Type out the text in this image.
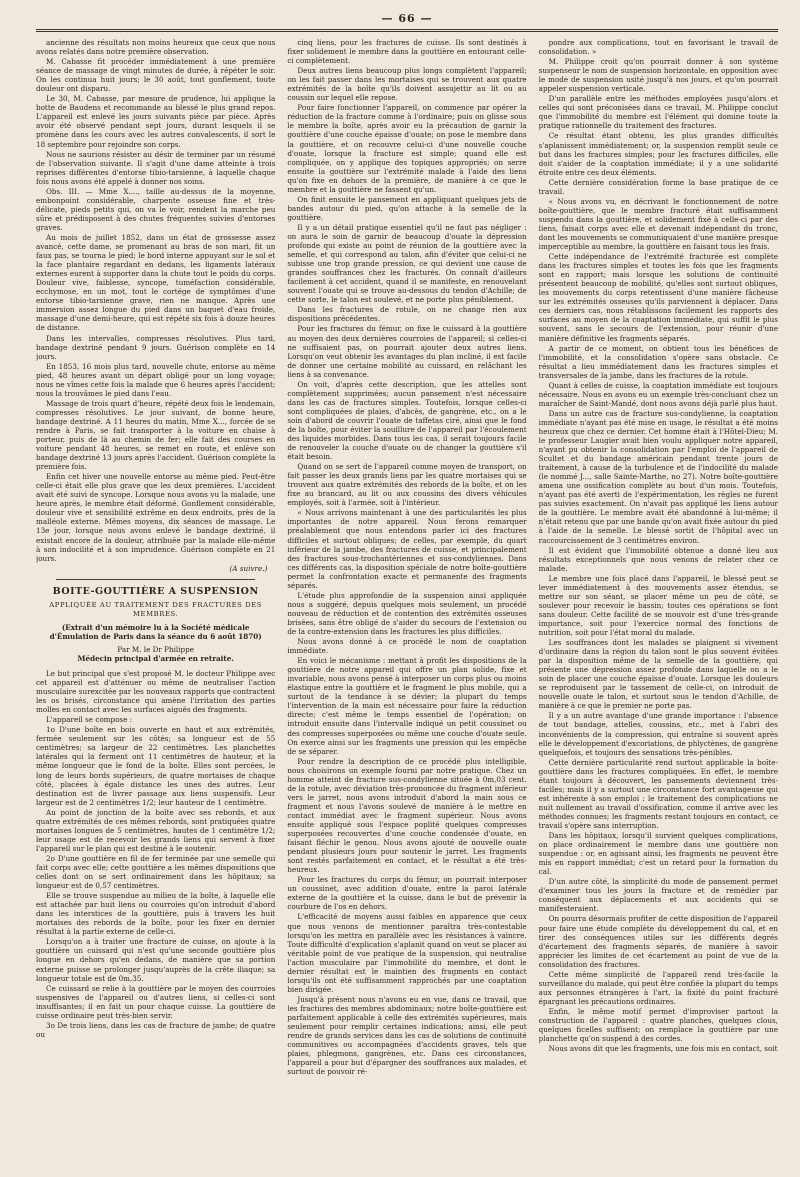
— 66 —

ancienne des résultats non moins heureux que ceux que nous avons relatés dans notre première observation.

M. Cabasse fit procéder immédiatement à une première séance de massage de vingt minutes de durée, à répéter le soir. On les continua huit jours; le 30 août, tout gonflement, toute douleur ont disparu.

Le 30, M. Cabasse, par mesure de prudence, lui applique la botte de Baudens et recommande au blessé le plus grand repos. L'appareil est enlevé les jours suivants pièce par pièce. Après avoir été observé pendant sept jours, durant lesquels il se promène dans les cours avec les autres convalescents, il sort le 18 septembre pour rejoindre son corps.

Nous ne saurions résister au désir de terminer par un résumé de l'observation suivante. Il s'agit d'une dame atteinte à trois reprises différentes d'entorse tibio-tarsienne, à laquelle chaque fois nous avons été appelé à donner nos soins.

Obs. III. — Mme X...., taille au-dessus de la moyenne, embonpoint considérable, charpente osseuse fine et très-délicate, pieds petits qui, on va le voir, rendent la marche peu sûre et prédisposent à des chutes fréquentes suivies d'entorses graves.

Au mois de juillet 1852, dans un état de grossesse assez avancé, cette dame, se promenant au bras de son mari, fit un faux pas, se tourna le pied; le bord interne appuyant sur le sol et la face plantaire regardant en dedans, les ligaments latéraux externes eurent à supporter dans la chute tout le poids du corps. Douleur vive, faiblesse, syncope, tuméfaction considérable, ecchymose, en un mot, tout le cortége de symptômes d'une entorse tibio-tarsienne grave, rien ne manque. Après une immersion assez longue du pied dans un baquet d'eau froide, massage d'une demi-heure, qui est répété six fois à douze heures de distance.

Dans les intervalles, compresses résolutives. Plus tard, bandage dextriné pendant 9 jours. Guérison complète en 14 jours.

En 1853, 16 mois plus tard, nouvelle chute, entorse au même pied, 48 heures avant un départ obligé pour un long voyage; nous ne vîmes cette fois la malade que 6 heures après l'accident; nous la trouvâmes le pied dans l'eau.

Massage de trois quart d'heure, répété deux fois le lendemain, compresses résolutives. Le jour suivant, de bonne heure, bandage dextriné. A 11 heures du matin, Mme X..., forcée de se rendre à Paris, se fait transporter à la voiture en chaise à porteur, puis de là au chemin de fer; elle fait des courses en voiture pendant 48 heures, se remet en route, et enlève son bandage dextriné 13 jours après l'accident. Guérison complète la première fois.

Enfin cet hiver une nouvelle entorse au même pied. Peut-être celle-ci était elle plus grave que les deux premières. L'accident avait été suivi de syncope. Lorsque nous avons vu la malade, une heure après, le membre était déformé. Gonflement considérable, douleur vive et sensibilité extrême en deux endroits, près de la malléole externe. Mêmes moyens, dix séances de massage. Le 13e jour, lorsque nous avons enlevé le bandage dextriné, il existait encore de la douleur, attribuée par la malade elle-même à son indocilité et à son imprudence. Guérison complète en 21 jours.

(A suivre.)

BOITE-GOUTTIÈRE A SUSPENSION

APPLIQUÉE AU TRAITEMENT DES FRACTURES DES MEMBRES.

(Extrait d'un mémoire lu à la Société médicale d'Émulation de Paris dans la séance du 6 août 1870)

Par M. le Dr Philippe

Médecin principal d'armée en retraite.

Le but principal que s'est proposé M. le docteur Philippe avec cet appareil est d'atténuer ou même de neutraliser l'action musculaire surexcitée par les nouveaux rapports que contractent les os brisés, circonstance qui amène l'irritation des parties molles en contact avec les surfaces aiguës des fragments.

L'appareil se compose :

1o D'une boîte en bois ouverte en haut et aux extrémités, fermée seulement sur les côtés; sa longueur est de 55 centimètres; sa largeur de 22 centimètres. Les planchettes latérales qui la ferment ont 11 centimètres de hauteur, et la même longueur que le fond de la boîte. Elles sont percées, le long de leurs bords supérieurs, de quatre mortaises de chaque côté, placées à égale distance les unes des autres. Leur destination est de livrer passage aux liens suspensifs. Leur largeur est de 2 centimètres 1/2; leur hauteur de 1 centimètre.

Au point de jonction de la boîte avec ses rebords, et aux quatre extrémités de ces mêmes rebords, sont pratiquées quatre mortaises longues de 5 centimètres, hautes de 1 centimètre 1/2; leur usage est de recevoir les grands liens qui servent à fixer l'appareil sur le plan qui est destiné à le soutenir.

2o D'une gouttière en fil de fer terminée par une semelle qui fait corps avec elle; cette gouttière a les mêmes dispositions que celles dont on se sert ordinairement dans les hôpitaux; sa longueur est de 0,57 centimètres.

Elle se trouve suspendue au milieu de la boîte, à laquelle elle est attachée par huit liens ou courroies qu'on introduit d'abord dans les interstices de la gouttière, puis à travers les huit mortaises des rebords de la boîte, pour les fixer en dernier résultat à la partie externe de celle-ci.

Lorsqu'on a à traiter une fracture de cuisse, on ajoute à la gouttière un cuissard qui n'est qu'une seconde gouttière plus longue en dehors qu'en dedans, de manière que sa portion externe puisse se prolonger jusqu'auprès de la crête iliaque; sa longueur totale est de 0m,35.

Ce cuissard se relie à la gouttière par le moyen des courroies suspensives de l'appareil ou d'autres liens, si celles-ci sont insuffisantes; il en fait un pour chaque cuisse. La gouttière de cuisse ordinaire peut très-bien servir.

3o De trois liens, dans les cas de fracture de jambe; de quatre ou

cinq liens, pour les fractures de cuisse. Ils sont destinés à fixer solidement le membre dans la gouttière en entourant celle-ci complètement.

Deux autres liens beaucoup plus longs complètent l'appareil; on les fait passer dans les mortaises qui se trouvent aux quatre extrémités de la boîte qu'ils doivent assujettir au lit ou au coussin sur lequel elle repose.

Pour faire fonctionner l'appareil, on commence par opérer la réduction de la fracture comme à l'ordinaire; puis on glisse sous le membre la boîte, après avoir eu la précaution de garnir la gouttière d'une couche épaisse d'ouate; on pose le membre dans la gouttière, et on recouvre celui-ci d'une nouvelle couche d'ouate, lorsque la fracture est simple; quand elle est compliquée, on y applique des topiques appropriés; on serre ensuite la gouttière sur l'extrémité malade à l'aide des liens qu'on fixe en dehors de la première, de manière à ce que le membre et la gouttière ne fassent qu'un.

On finit ensuite le pansement en appliquant quelques jets de bandes autour du pied, qu'on attache à la semelle de la gouttière.

Il y a un détail pratique essentiel qu'il ne faut pas négliger : on aura le soin de garnir de beaucoup d'ouate la dépression profonde qui existe au point de réunion de la gouttière avec la semelle, et qui correspond au talon, afin d'éviter que celui-ci ne subisse une trop grande pression, ce qui devient une cause de grandes souffrances chez les fracturés. On connaît d'ailleurs facilement à cet accident, quand il se manifeste, en renouvelant souvent l'ouate qui se trouve au-dessous du tendon d'Achille; de cette sorte, le talon est soulevé, et ne porte plus péniblement.

Dans les fractures de rotule, on ne change rien aux dispositions précédentes.

Pour les fractures du fémur, on fixe le cuissard à la gouttière au moyen des deux dernières courroies de l'appareil; si celles-ci ne suffisaient pas, on pourrait ajouter deux autres liens. Lorsqu'on veut obtenir les avantages du plan incliné, il est facile de donner une certaine mobilité au cuissard, en relâchant les liens à sa convenance.

On voit, d'après cette description, que les attelles sont complètement supprimées; aucun pansement n'est nécessaire dans les cas de fractures simples. Toutefois, lorsque celles-ci sont compliquées de plaies, d'abcès, de gangrène, etc., on a le soin d'abord de couvrir l'ouate de taffetas ciré, ainsi que le fond de la boîte, pour éviter la souillure de l'appareil par l'écoulement des liquides morbides. Dans tous les cas, il serait toujours facile de renouveler la couche d'ouate ou de changer la gouttière s'il était besoin.

Quand on se sert de l'appareil comme moyen de transport, on fait passer les deux grands liens par les quatre mortaises qui se trouvent aux quatre extrémités des rebords de la boîte, et on les fixe au brancard, au lit ou aux coussins des divers véhicules employés, soit à l'armée, soit à l'intérieur.

« Nous arrivons maintenant à une des particularités les plus importantes de notre appareil. Nous ferons remarquer préalablement que nous entendons parler ici des fractures difficiles et surtout obliques; de celles, par exemple, du quart inférieur de la jambe, des fractures de cuisse, et principalement des fractures sous-trochantériennes et sus-condyliennes. Dans ces différents cas, la disposition spéciale de notre boîte-gouttière permet la confrontation exacte et permanente des fragments séparés.

L'étude plus approfondie de la suspension ainsi appliquée nous a suggéré, depuis quelques mois seulement, un procédé nouveau de réduction et de contention des extrémités osseuses brisées, sans être obligé de s'aider du secours de l'extension ou de la contre-extension dans les fractures les plus difficiles.

Nous avons donné à ce procédé le nom de coaptation immédiate.

En voici le mécanisme : mettant à profit les dispositions de la gouttière de notre appareil qui offre un plan solide, fixe et invariable, nous avons pensé à interposer un corps plus ou moins élastique entre la gouttière et le fragment le plus mobile, qui a surtout de la tendance à se dévier; la plupart du temps l'intervention de la main est nécessaire pour faire la réduction directe; c'est même le temps essentiel de l'opération; on introduit ensuite dans l'intervalle indiqué un petit coussinet ou des compresses superposées ou même une couche d'ouate seule. On exerce ainsi sur les fragments une pression qui les empêche de se séparer.

Pour rendre la description de ce procédé plus intelligible, nous choisirons un exemple fourni par notre pratique. Chez un homme atteint de fracture sus-condylienne située à 0m,03 cent. de la rotule, avec déviation très-prononcée du fragment inférieur vers le jarret, nous avons introduit d'abord la main sous ce fragment et nous l'avons soulevé de manière à le mettre en contact immédiat avec le fragment supérieur. Nous avons ensuite appliqué sous l'espace poplité quelques compresses superposées recouvertes d'une couche condensée d'ouate, en faisant fléchir le genou. Nous avons ajouté de nouvelle ouate pendant plusieurs jours pour soutenir le jarret. Les fragments sont restés parfaitement en contact, et le résultat a été très-heureux.

Pour les fractures du corps du fémur, on pourrait interposer un coussinet, avec addition d'ouate, entre la paroi latérale externe de la gouttière et la cuisse, dans le but de prévenir la courbure de l'os en dehors.

L'efficacité de moyens aussi faibles en apparence que ceux que nous venons de mentionner paraîtra très-contestable lorsqu'on les mettra en parallèle avec les résistances à vaincre. Toute difficulté d'explication s'aplanit quand on veut se placer au véritable point de vue pratique de la suspension, qui neutralise l'action musculaire par l'immobilité du membre, et dont le dernier résultat est le maintien des fragments en contact lorsqu'ils ont été suffisamment rapprochés par une coaptation bien dirigée.

Jusqu'à présent nous n'avons eu en vue, dans ce travail, que les fractures des membres abdominaux; notre boîte-gouttière est parfaitement applicable à celle des extrémités supérieures, mais seulement pour remplir certaines indications; ainsi, elle peut rendre de grands services dans les cas de solutions de continuité communitives ou accompagnées d'accidents graves, tels que plaies, phlegmons, gangrènes, etc. Dans ces circonstances, l'appareil a pour but d'épargner des souffrances aux malades, et surtout de pouvoir ré-

pondre aux complications, tout en favorisant le travail de consolidation. »

M. Philippe croit qu'on pourrait donner à son système suspenseur le nom de suspension horizontale, en opposition avec le mode de suspension usité jusqu'à nos jours, et qu'on pourrait appeler suspension verticale.

D'un parallèle entre les méthodes employées jusqu'alors et celles qui sont préconisées dans ce travail, M. Philippe conclut que l'immobilité du membre est l'élément qui domine toute la pratique rationnelle du traitement des fractures.

Ce résultat étant obtenu, les plus grandes difficultés s'aplanissent immédiatement; or, la suspension remplit seule ce but dans les fractures simples; pour les fractures difficiles, elle doit s'aider de la coaptation immédiate; il y a une solidarité étroite entre ces deux éléments.

Cette dernière considération forme la base pratique de ce travail.

« Nous avons vu, en décrivant le fonctionnement de notre boîte-gouttière, que le membre fracturé était suffisamment suspendu dans la gouttière, et solidement fixé à celle-ci par des liens, faisait corps avec elle et devenait indépendant du tronc, dont les mouvements se communiquaient d'une manière presque imperceptible au membre, la gouttière en faisant tous les frais.

Cette indépendance de l'extrémité fracturée est complète dans les fractures simples et toutes les fois que les fragments sont en rapport; mais lorsque les solutions de continuité présentent beaucoup de mobilité, qu'elles sont surtout obliques, les mouvements du corps retentissent d'une manière fâcheuse sur les extrémités osseuses qu'ils parviennent à déplacer. Dans ces derniers cas, nous rétablissons facilement les rapports des surfaces au moyen de la coaptation immédiate, qui suffit le plus souvent, sans le secours de l'extension, pour réunir d'une manière définitive les fragments séparés.

A partir de ce moment, on obtient tous les bénéfices de l'immobilité, et la consolidation s'opère sans obstacle. Ce résultat a lieu immédiatement dans les fractures simples et transversales de la jambe, dans les fractures de la rotule.

Quant à celles de cuisse, la coaptation immédiate est toujours nécessaire. Nous en avons eu un exemple très-concluant chez un maraîcher de Saint-Mandé, dont nous avons déjà parlé plus haut.

Dans un autre cas de fracture sus-condylienne, la coaptation immédiate n'ayant pas été mise en usage, le résultat a été moins heureux que chez ce dernier. Cet homme était à l'Hôtel-Dieu; M. le professeur Laugier avait bien voulu appliquer notre appareil, n'ayant pu obtenir la consolidation par l'emploi de l'appareil de Scultet et du bandage américain pendant trente jours de traitement, à cause de la turbulence et de l'indocilité du malade (le nommé J..., salle Sainte-Marthe, no 27). Notre boîte-gouttière amena une ossification complète au bout d'un mois. Toutefois, n'ayant pas été averti de l'expérimentation, les règles ne furent pas suivies exactement. On n'avait pas appliqué les liens autour de la gouttière. Le membre avait été abandonné à lui-même; il n'était retenu que par une bande qu'on avait fixée autour du pied à l'aide de la semelle. Le blessé sortit de l'hôpital avec un raccourcissement de 3 centimètres environ.

Il est évident que l'immobilité obtenue a donné lieu aux résultats exceptionnels que nous venons de relater chez ce malade.

Le membre une fois placé dans l'appareil, le blessé peut se lever immédiatement à des mouvements assez étendus, se mettre sur son séant, se placer même un peu de côté, se soulever pour recevoir le bassin; toutes ces opérations se font sans douleur. Cette facilité de se mouvoir est d'une très-grande importance, soit pour l'exercice normal des fonctions de nutrition, soit pour l'état moral du malade.

Les souffrances dont les malades se plaignent si vivement d'ordinaire dans la région du talon sont le plus souvent évitées par la disposition même de la semelle de la gouttière, qui présente une dépression assez profonde dans laquelle on a le soin de placer une couche épaisse d'ouate. Lorsque les douleurs se reproduisent par le tassement de celle-ci, on introduit de nouvelle ouate le talon, et surtout sous le tendon d'Achille, de manière à ce que le premier ne porte pas.

Il y a un autre avantage d'une grande importance : l'absence de tout bandage, attelles, coussins, etc., met à l'abri des inconvénients de la compression, qui entraîne si souvent après elle le développement d'excoriations, de phlyctènes, de gangrène quelquefois, et toujours des sensations très-pénibles.

Cette dernière particularité rend surtout applicable la boîte-gouttière dans les fractures compliquées. En effet, le membre étant toujours à découvert, les pansements deviennent très-faciles; mais il y a surtout une circonstance fort avantageuse qui est inhérente à son emploi : le traitement des complications ne nuit nullement au travail d'ossification, comme il arrive avec les méthodes connues; les fragments restant toujours en contact, ce travail s'opère sans interruption.

Dans les hôpitaux, lorsqu'il survient quelques complications, on place ordinairement le membre dans une gouttière non suspendue : or, en agissant ainsi, les fragments ne peuvent être mis en rapport immédiat; c'est un retard pour la formation du cal.

D'un autre côté, la simplicité du mode de pansement permet d'examiner tous les jours la fracture et de remédier par conséquent aux déplacements et aux accidents qui se manifesteraient.

On pourra désormais profiter de cette disposition de l'appareil pour faire une étude complète du développement du cal, et en tirer des conséquences utiles sur les différents degrés d'écartement des fragments séparés, de manière à savoir apprécier les limites de cet écartement au point de vue de la consolidation des fractures.

Cette même simplicité de l'appareil rend très-facile la surveillance du malade, qui peut être confiée la plupart du temps aux personnes étrangères à l'art, la fixité du point fracturé épargnant les précautions ordinaires.

Enfin, le même motif permet d'improviser partout la construction de l'appareil : quatre planches, quelques clous, quelques ficelles suffisent; on remplace la gouttière par une planchette qu'on suspend à des cordes.

Nous avons dit que les fragments, une fois mis en contact, soit
